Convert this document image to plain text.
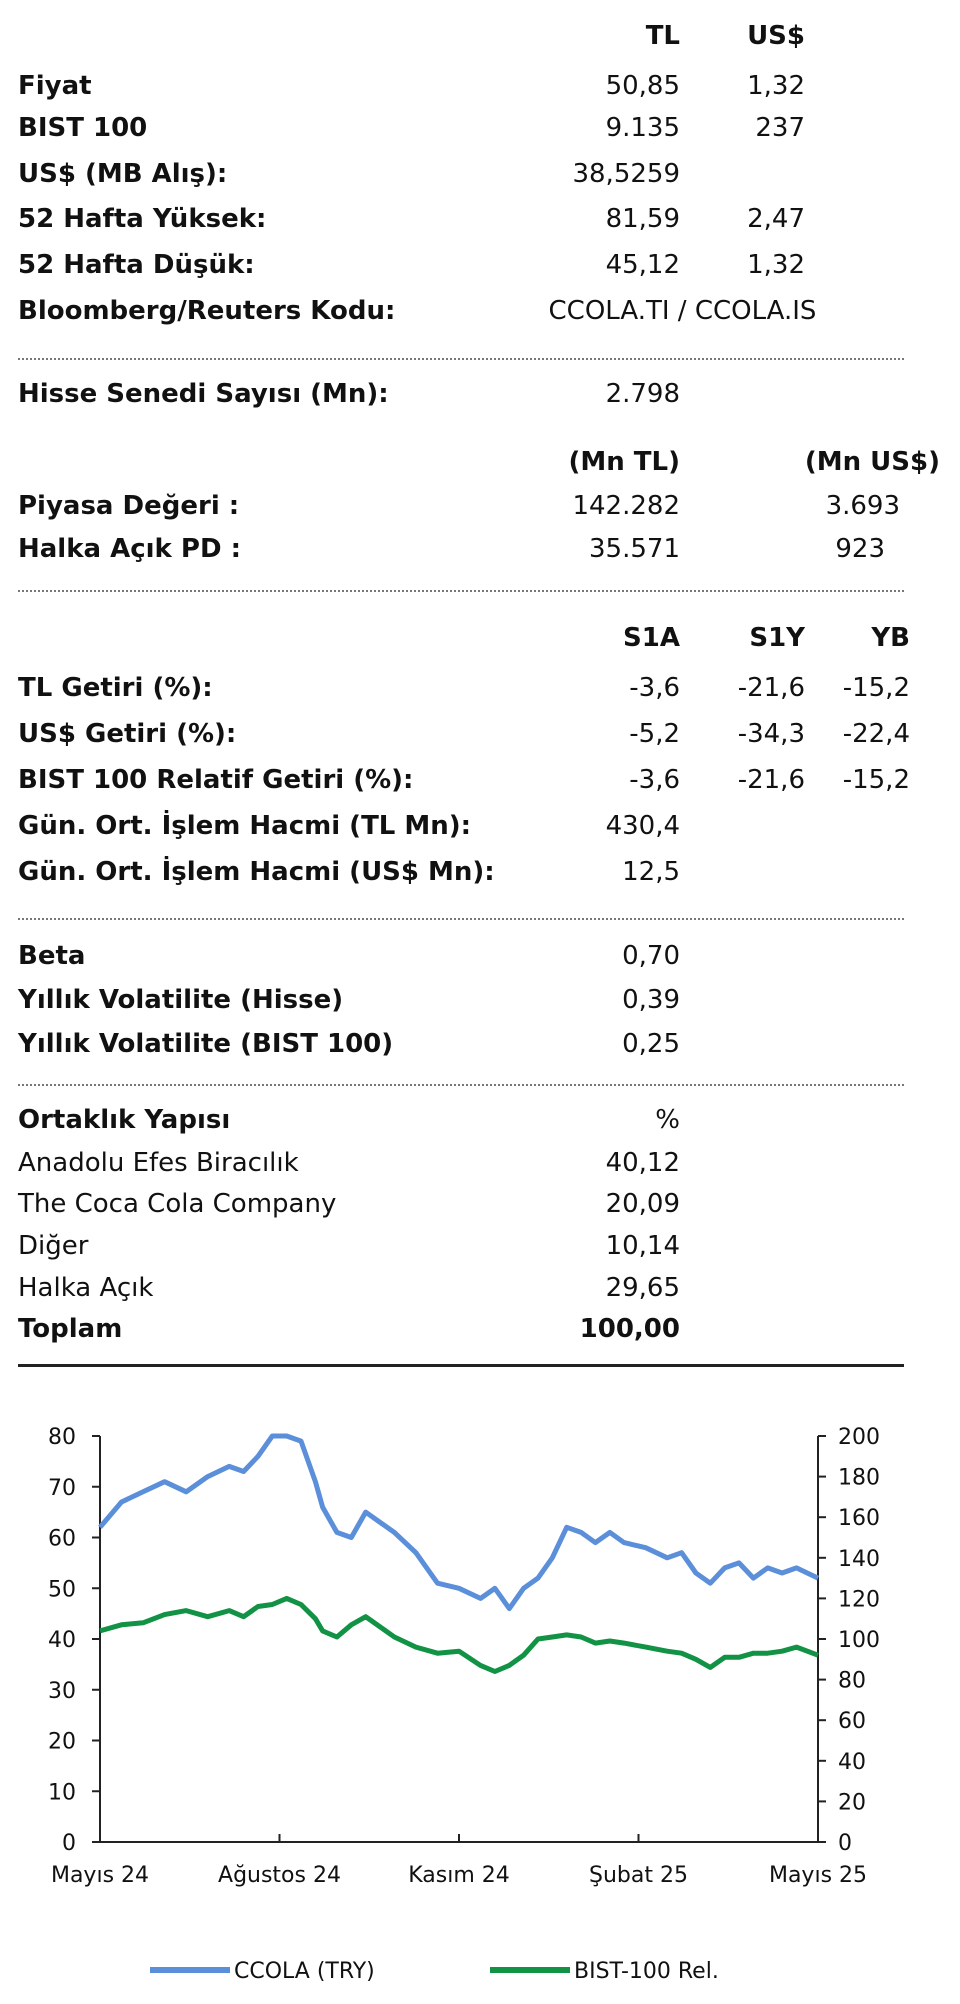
TL	US$
Fiyat	50,85	1,32
BIST 100	9.135	237
US$ (MB Alış):	38,5259
52 Hafta Yüksek:	81,59	2,47
52 Hafta Düşük:	45,12	1,32
Bloomberg/Reuters Kodu:	CCOLA.TI / CCOLA.IS
Hisse Senedi Sayısı (Mn):	2.798
(Mn TL)	(Mn US$)
Piyasa Değeri :	142.282	3.693
Halka Açık PD :	35.571	923
S1A	S1Y	YB
TL Getiri (%):	-3,6	-21,6	-15,2
US$ Getiri (%):	-5,2	-34,3	-22,4
BIST 100 Relatif Getiri (%):	-3,6	-21,6	-15,2
Gün. Ort. İşlem Hacmi (TL Mn):	430,4
Gün. Ort. İşlem Hacmi (US$ Mn):	12,5
Beta	0,70
Yıllık Volatilite (Hisse)	0,39
Yıllık Volatilite (BIST 100)	0,25
Ortaklık Yapısı	%
Anadolu Efes Biracılık	40,12
The Coca Cola Company	20,09
Diğer	10,14
Halka Açık	29,65
Toplam	100,00
0
10
20
30
40
50
60
70
80
0
20
40
60
80
100
120
140
160
180
200
Mayıs 24	Ağustos 24	Kasım 24	Şubat 25	Mayıs 25
CCOLA (TRY)	BIST-100 Rel.
